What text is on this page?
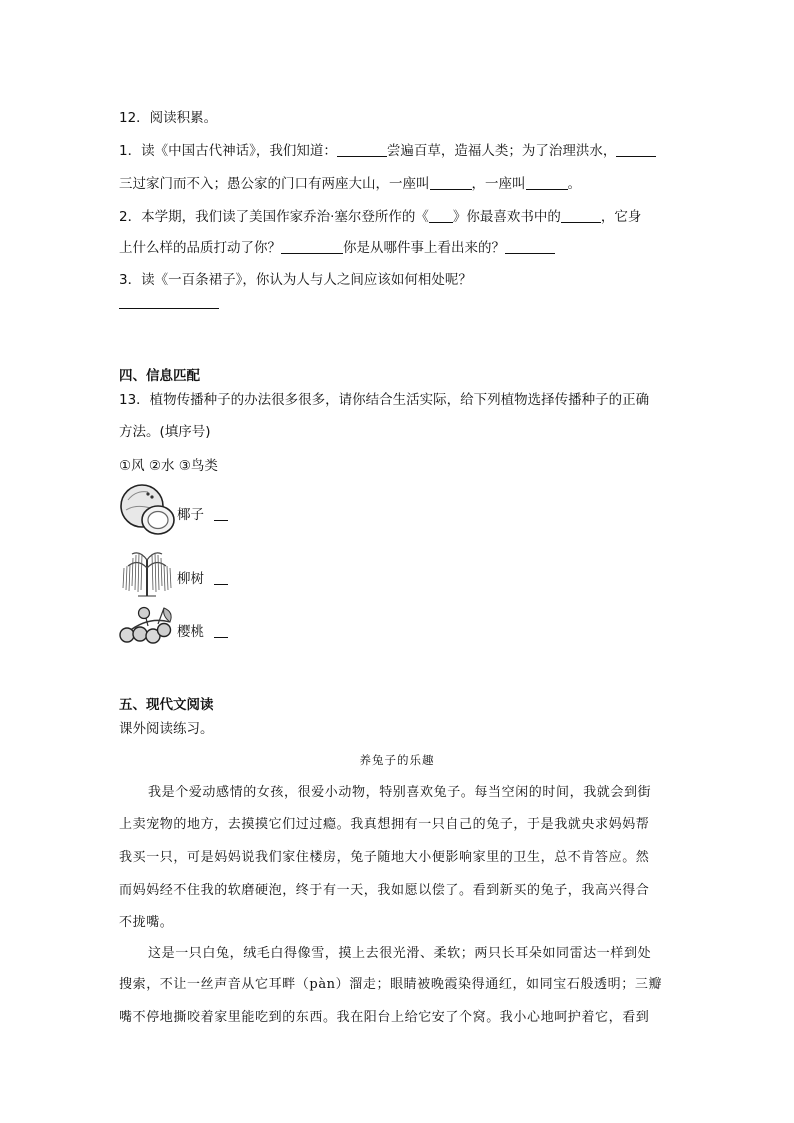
12．阅读积累。
1．读《中国古代神话》，我们知道：	尝遍百草，造福人类；为了治理洪水，
三过家门而不入；愚公家的门口有两座大山，一座叫	，一座叫	。
2．本学期，我们读了美国作家乔治·塞尔登所作的《 》你最喜欢书中的	，它身
上什么样的品质打动了你？	你是从哪件事上看出来的？
3．读《一百条裙子》，你认为人与人之间应该如何相处呢？
四、信息匹配
13．植物传播种子的办法很多很多，请你结合生活实际，给下列植物选择传播种子的正确
方法。(填序号)
①风 ②水 ③鸟类
椰子
柳树
樱桃
五、现代文阅读
课外阅读练习。
养兔子的乐趣
我是个爱动感情的女孩，很爱小动物，特别喜欢兔子。每当空闲的时间，我就会到街
上卖宠物的地方，去摸摸它们过过瘾。我真想拥有一只自己的兔子，于是我就央求妈妈帮
我买一只，可是妈妈说我们家住楼房，兔子随地大小便影响家里的卫生，总不肯答应。然
而妈妈经不住我的软磨硬泡，终于有一天，我如愿以偿了。看到新买的兔子，我高兴得合
不拢嘴。
这是一只白兔，绒毛白得像雪，摸上去很光滑、柔软；两只长耳朵如同雷达一样到处
搜索，不让一丝声音从它耳畔（pàn）溜走；眼睛被晚霞染得通红，如同宝石般透明；三瓣
嘴不停地撕咬着家里能吃到的东西。我在阳台上给它安了个窝。我小心地呵护着它，看到
